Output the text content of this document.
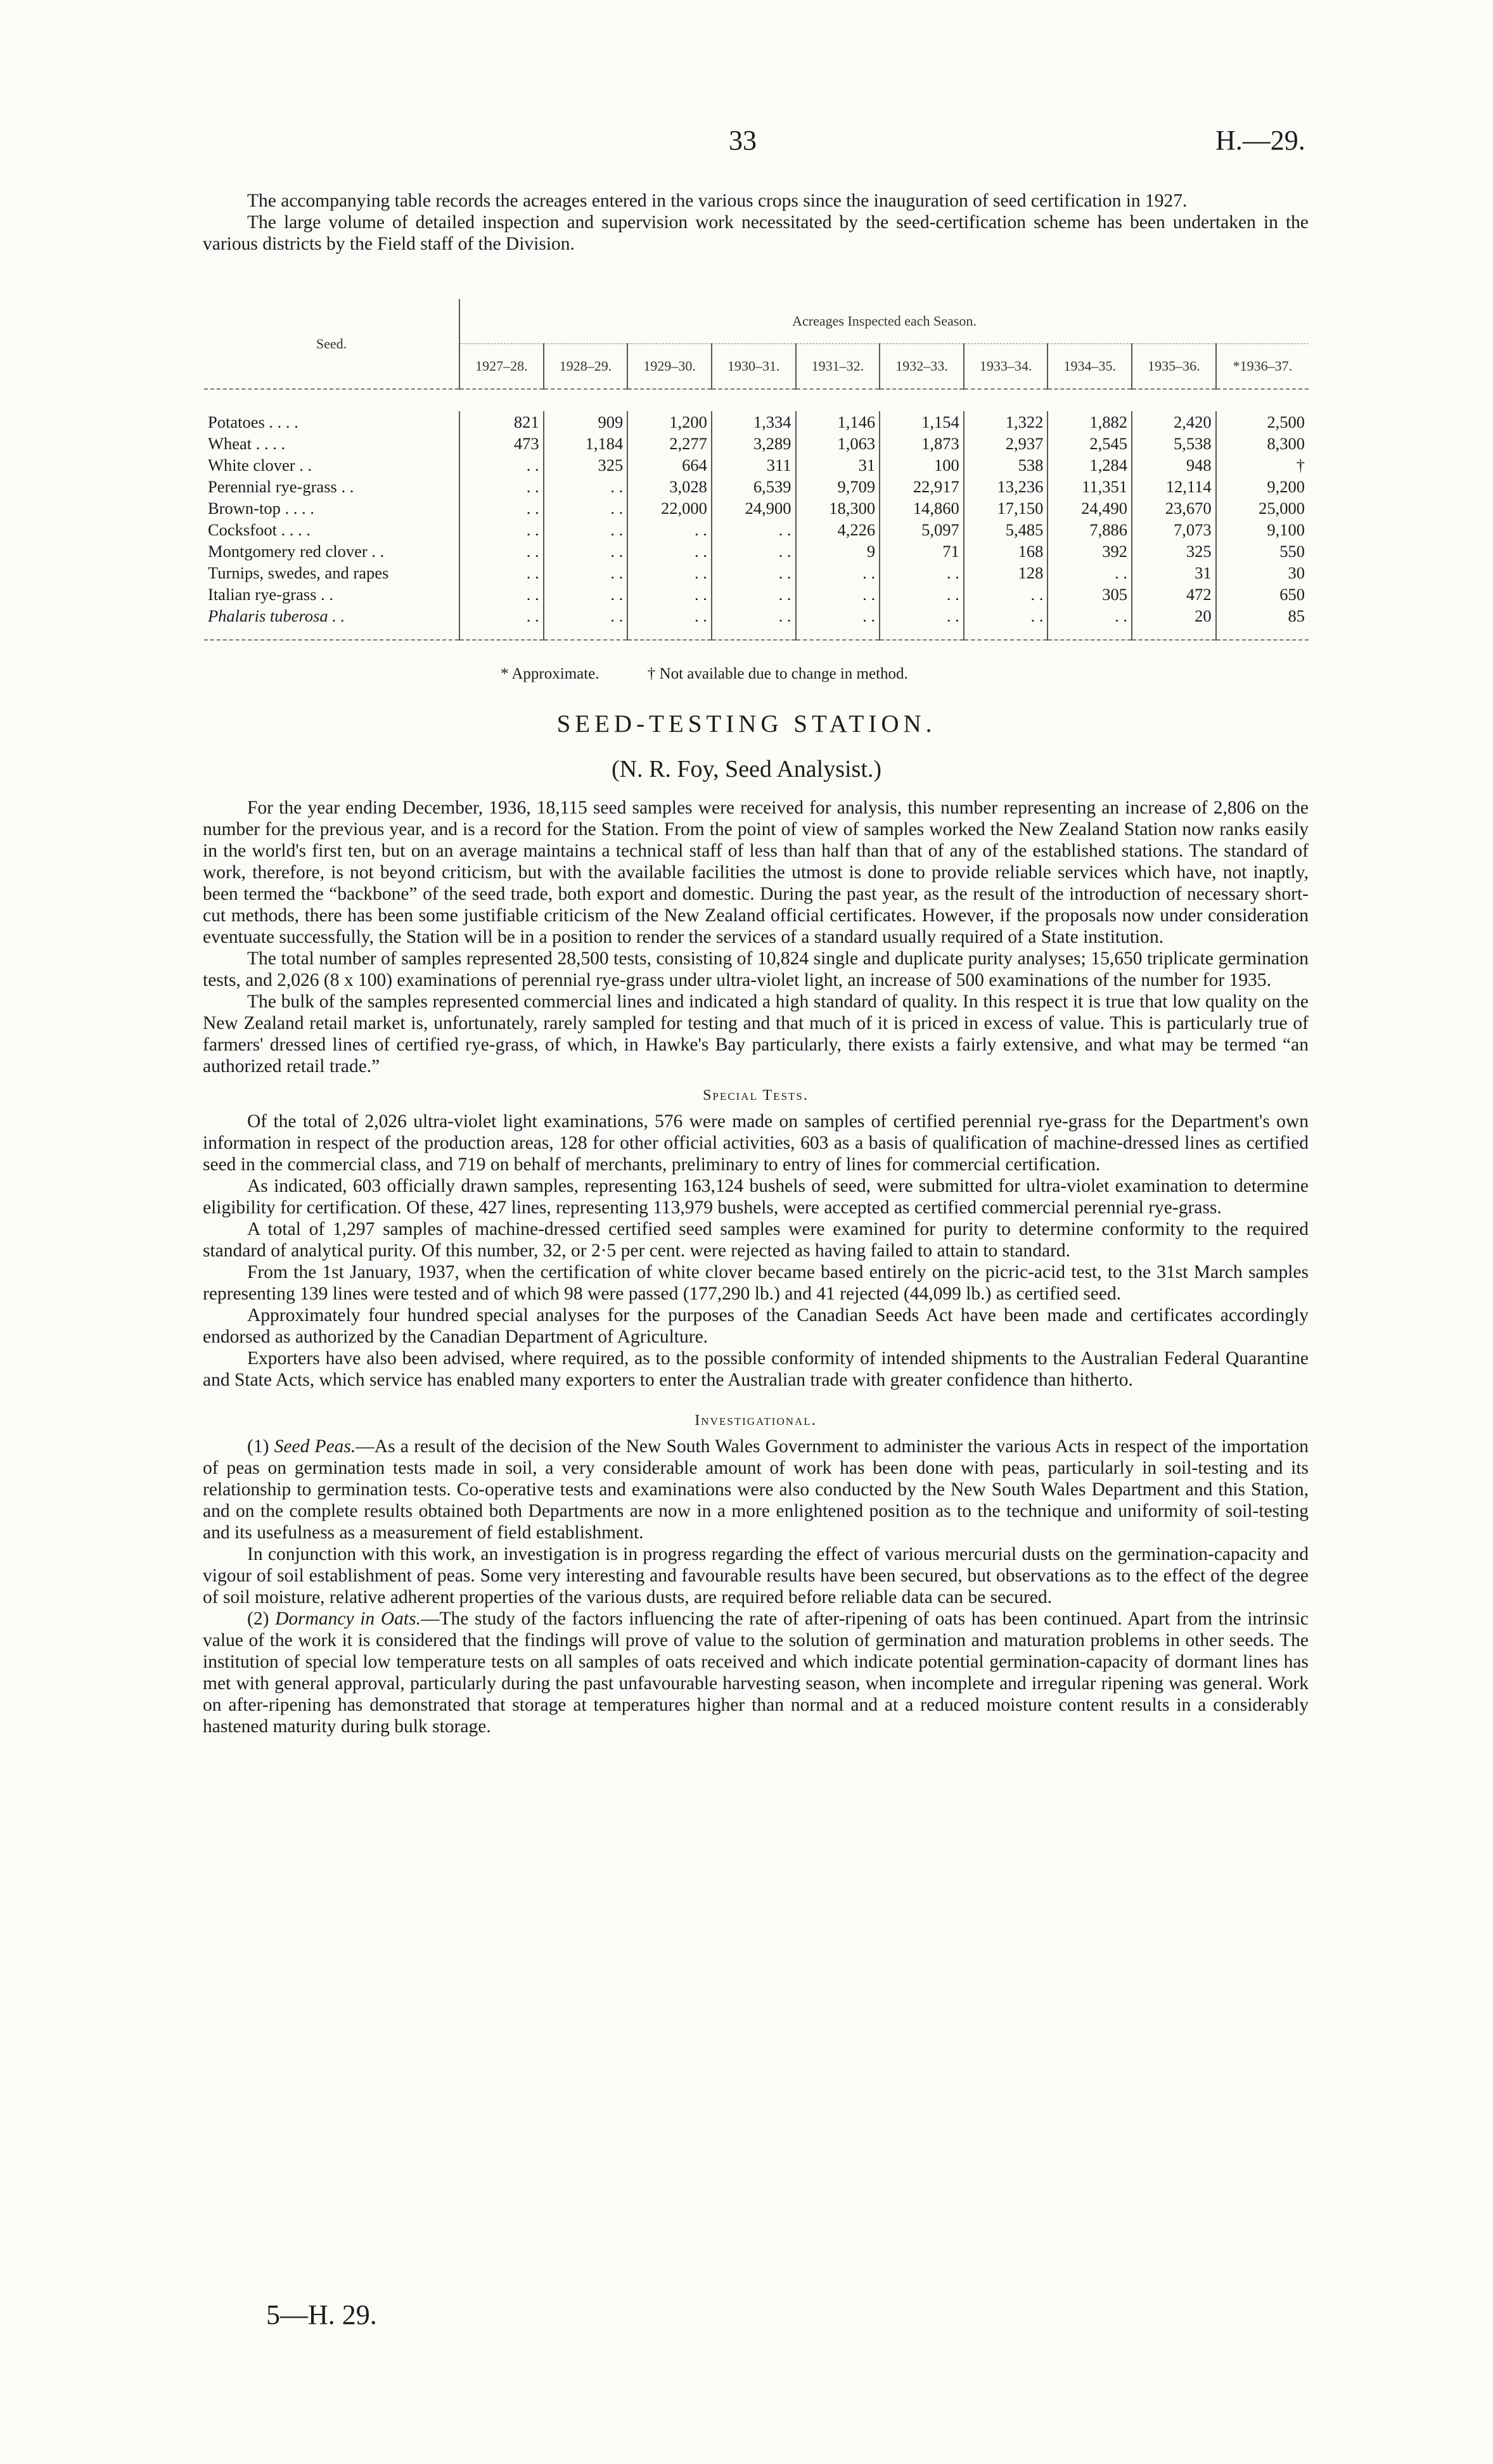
33	H.—29.

The accompanying table records the acreages entered in the various crops since the inauguration of seed certification in 1927.

The large volume of detailed inspection and supervision work necessitated by the seed-certification scheme has been undertaken in the various districts by the Field staff of the Division.

Seed.	Acreages Inspected each Season.									
	1927–28.	1928–29.	1929–30.	1930–31.	1931–32.	1932–33.	1933–34.	1934–35.	1935–36.	*1936–37.

Potatoes . . . .	821	909	1,200	1,334	1,146	1,154	1,322	1,882	2,420	2,500
Wheat . . . .	473	1,184	2,277	3,289	1,063	1,873	2,937	2,545	5,538	8,300
White clover . .	. .	325	664	311	31	100	538	1,284	948	†
Perennial rye-grass . .	. .	. .	3,028	6,539	9,709	22,917	13,236	11,351	12,114	9,200
Brown-top . . . .	. .	. .	22,000	24,900	18,300	14,860	17,150	24,490	23,670	25,000
Cocksfoot . . . .	. .	. .	. .	. .	4,226	5,097	5,485	7,886	7,073	9,100
Montgomery red clover . .	. .	. .	. .	. .	9	71	168	392	325	550
Turnips, swedes, and rapes	. .	. .	. .	. .	. .	. .	128	. .	31	30
Italian rye-grass . .	. .	. .	. .	. .	. .	. .	. .	305	472	650
Phalaris tuberosa . .	. .	. .	. .	. .	. .	. .	. .	. .	20	85
* Approximate.	† Not available due to change in method.
SEED-TESTING STATION.
(N. R. Foy, Seed Analysist.)

For the year ending December, 1936, 18,115 seed samples were received for analysis, this number representing an increase of 2,806 on the number for the previous year, and is a record for the Station. From the point of view of samples worked the New Zealand Station now ranks easily in the world's first ten, but on an average maintains a technical staff of less than half than that of any of the established stations. The standard of work, therefore, is not beyond criticism, but with the available facilities the utmost is done to provide reliable services which have, not inaptly, been termed the “backbone” of the seed trade, both export and domestic. During the past year, as the result of the introduction of necessary short-cut methods, there has been some justifiable criticism of the New Zealand official certificates. However, if the proposals now under consideration eventuate successfully, the Station will be in a position to render the services of a standard usually required of a State institution.

The total number of samples represented 28,500 tests, consisting of 10,824 single and duplicate purity analyses; 15,650 triplicate germination tests, and 2,026 (8 x 100) examinations of perennial rye-grass under ultra-violet light, an increase of 500 examinations of the number for 1935.

The bulk of the samples represented commercial lines and indicated a high standard of quality. In this respect it is true that low quality on the New Zealand retail market is, unfortunately, rarely sampled for testing and that much of it is priced in excess of value. This is particularly true of farmers' dressed lines of certified rye-grass, of which, in Hawke's Bay particularly, there exists a fairly extensive, and what may be termed “an authorized retail trade.”

Special Tests.

Of the total of 2,026 ultra-violet light examinations, 576 were made on samples of certified perennial rye-grass for the Department's own information in respect of the production areas, 128 for other official activities, 603 as a basis of qualification of machine-dressed lines as certified seed in the commercial class, and 719 on behalf of merchants, preliminary to entry of lines for commercial certification.

As indicated, 603 officially drawn samples, representing 163,124 bushels of seed, were submitted for ultra-violet examination to determine eligibility for certification. Of these, 427 lines, representing 113,979 bushels, were accepted as certified commercial perennial rye-grass.

A total of 1,297 samples of machine-dressed certified seed samples were examined for purity to determine conformity to the required standard of analytical purity. Of this number, 32, or 2·5 per cent. were rejected as having failed to attain to standard.

From the 1st January, 1937, when the certification of white clover became based entirely on the picric-acid test, to the 31st March samples representing 139 lines were tested and of which 98 were passed (177,290 lb.) and 41 rejected (44,099 lb.) as certified seed.

Approximately four hundred special analyses for the purposes of the Canadian Seeds Act have been made and certificates accordingly endorsed as authorized by the Canadian Department of Agriculture.

Exporters have also been advised, where required, as to the possible conformity of intended shipments to the Australian Federal Quarantine and State Acts, which service has enabled many exporters to enter the Australian trade with greater confidence than hitherto.

Investigational.

(1) Seed Peas.—As a result of the decision of the New South Wales Government to administer the various Acts in respect of the importation of peas on germination tests made in soil, a very considerable amount of work has been done with peas, particularly in soil-testing and its relationship to germination tests. Co-operative tests and examinations were also conducted by the New South Wales Department and this Station, and on the complete results obtained both Departments are now in a more enlightened position as to the technique and uniformity of soil-testing and its usefulness as a measurement of field establishment.

In conjunction with this work, an investigation is in progress regarding the effect of various mercurial dusts on the germination-capacity and vigour of soil establishment of peas. Some very interesting and favourable results have been secured, but observations as to the effect of the degree of soil moisture, relative adherent properties of the various dusts, are required before reliable data can be secured.

(2) Dormancy in Oats.—The study of the factors influencing the rate of after-ripening of oats has been continued. Apart from the intrinsic value of the work it is considered that the findings will prove of value to the solution of germination and maturation problems in other seeds. The institution of special low temperature tests on all samples of oats received and which indicate potential germination-capacity of dormant lines has met with general approval, particularly during the past unfavourable harvesting season, when incomplete and irregular ripening was general. Work on after-ripening has demonstrated that storage at temperatures higher than normal and at a reduced moisture content results in a considerably hastened maturity during bulk storage.

5—H. 29.
